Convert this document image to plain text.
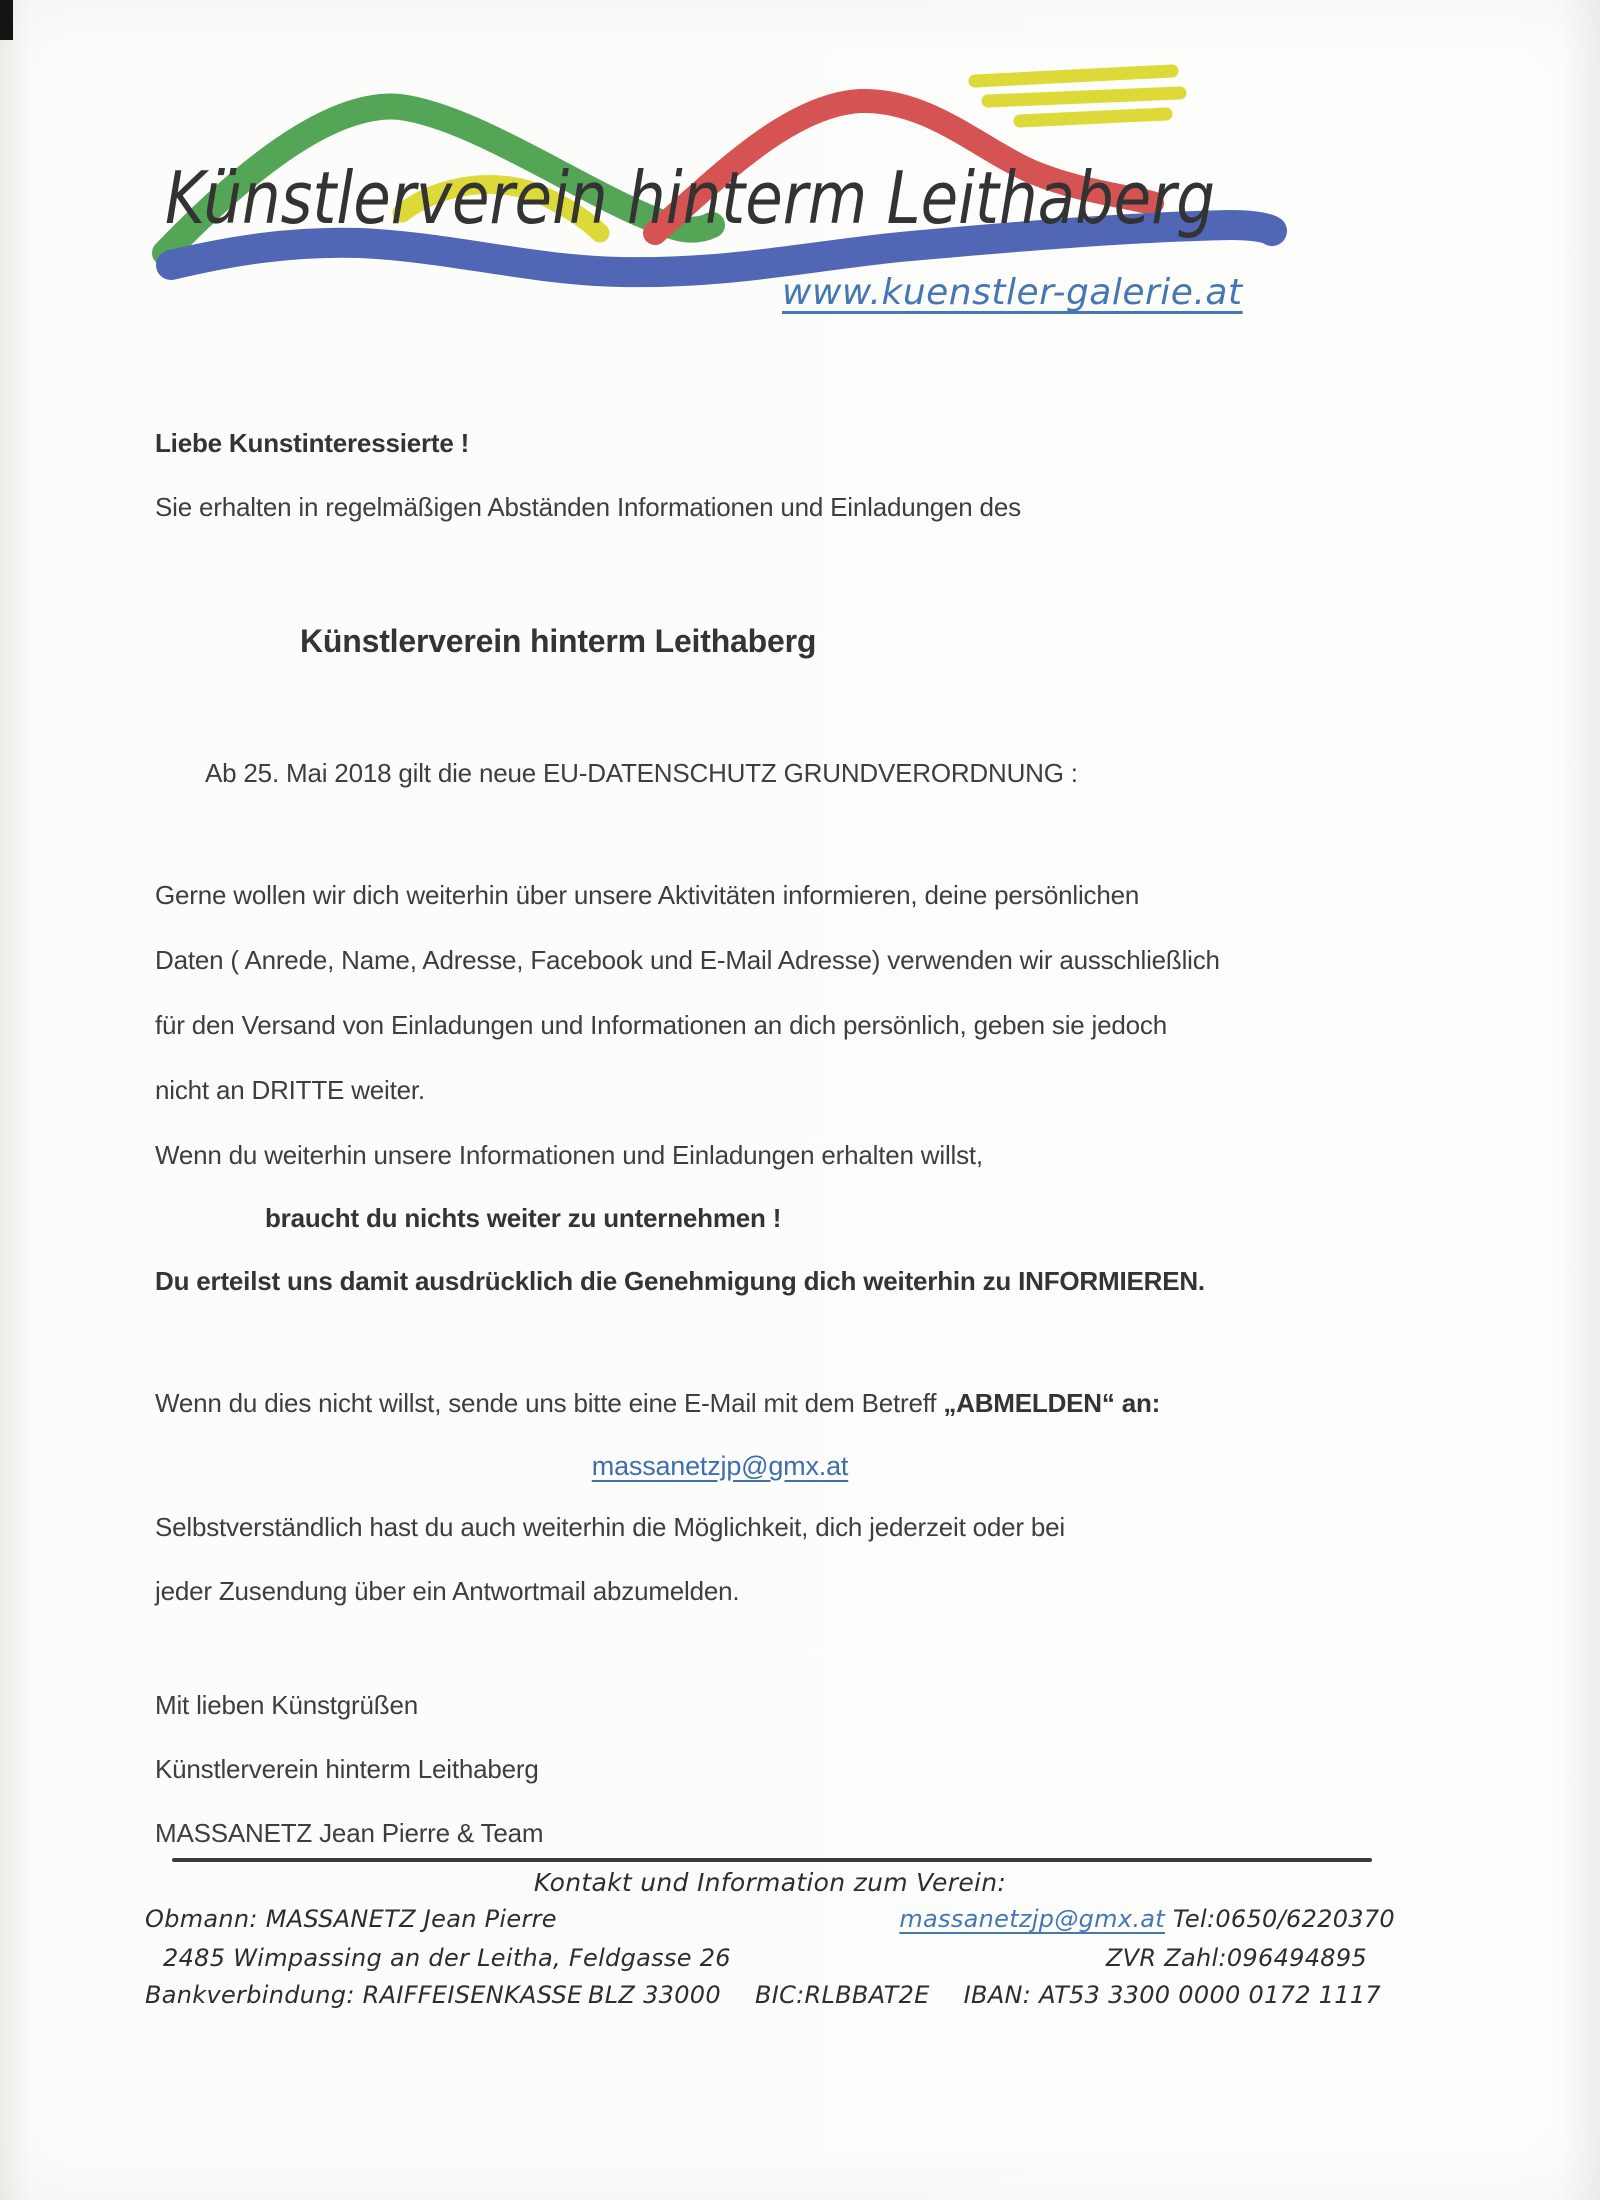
Künstlerverein hinterm Leithaberg
www.kuenstler-galerie.at
Liebe Kunstinteressierte !
Sie erhalten in regelmäßigen Abständen Informationen und Einladungen des
Künstlerverein hinterm Leithaberg
Ab 25. Mai 2018 gilt die neue EU-DATENSCHUTZ GRUNDVERORDNUNG :
Gerne wollen wir dich weiterhin über unsere Aktivitäten informieren, deine persönlichen
Daten ( Anrede, Name, Adresse, Facebook und E-Mail Adresse) verwenden wir ausschließlich
für den Versand von Einladungen und Informationen an dich persönlich, geben sie jedoch
nicht an DRITTE weiter.
Wenn du weiterhin unsere Informationen und Einladungen erhalten willst,
braucht du nichts weiter zu unternehmen !
Du erteilst uns damit ausdrücklich die Genehmigung dich weiterhin zu INFORMIEREN.
Wenn du dies nicht willst, sende uns bitte eine E-Mail mit dem Betreff „ABMELDEN“ an:
massanetzjp@gmx.at
Selbstverständlich hast du auch weiterhin die Möglichkeit, dich jederzeit oder bei
jeder Zusendung über ein Antwortmail abzumelden.
Mit lieben Künstgrüßen
Künstlerverein hinterm Leithaberg
MASSANETZ Jean Pierre & Team
Kontakt und Information zum Verein:
Obmann: MASSANETZ Jean Pierre	massanetzjp@gmx.at Tel:0650/6220370
2485 Wimpassing an der Leitha, Feldgasse 26	ZVR Zahl:096494895
Bankverbindung: RAIFFEISENKASSE BLZ 33000 BIC:RLBBAT2E IBAN: AT53 3300 0000 0172 1117
